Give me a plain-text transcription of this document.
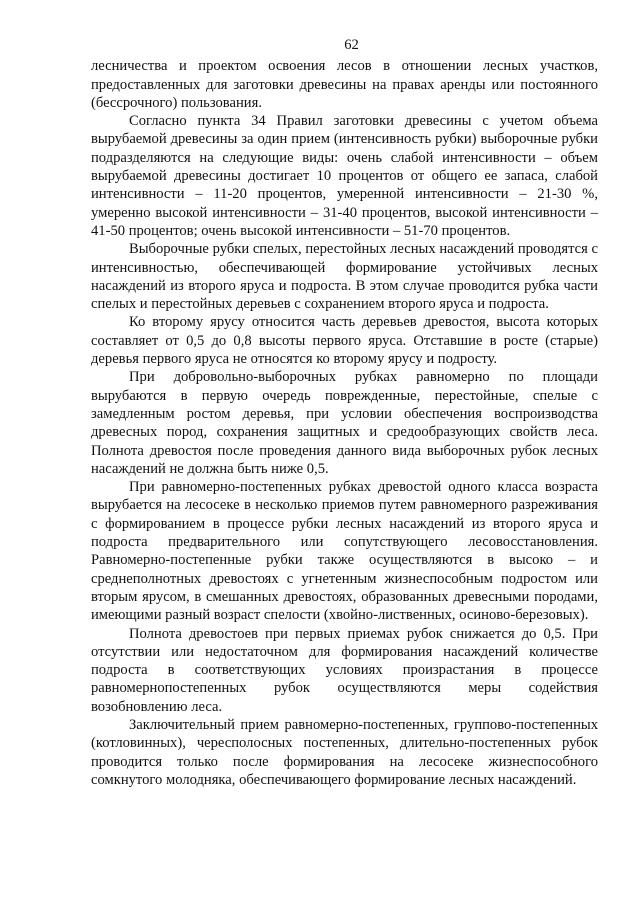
62

лесничества и проектом освоения лесов в отношении лесных участков, предоставленных для заготовки древесины на правах аренды или постоянного (бессрочного) пользования.

Согласно пункта 34 Правил заготовки древесины с учетом объема вырубаемой древесины за один прием (интенсивность рубки) выборочные рубки подразделяются на следующие виды: очень слабой интенсивности – объем вырубаемой древесины достигает 10 процентов от общего ее запаса, слабой интенсивности – 11-20 процентов, умеренной интенсивности – 21-30 %, умеренно высокой интенсивности – 31-40 процентов, высокой интенсивности – 41-50 процентов; очень высокой интенсивности – 51-70 процентов.

Выборочные рубки спелых, перестойных лесных насаждений проводятся с интенсивностью, обеспечивающей формирование устойчивых лесных насаждений из второго яруса и подроста. В этом случае проводится рубка части спелых и перестойных деревьев с сохранением второго яруса и подроста.

Ко второму ярусу относится часть деревьев древостоя, высота которых составляет от 0,5 до 0,8 высоты первого яруса. Отставшие в росте (старые) деревья первого яруса не относятся ко второму ярусу и подросту.

При добровольно-выборочных рубках равномерно по площади вырубаются в первую очередь поврежденные, перестойные, спелые с замедленным ростом деревья, при условии обеспечения воспроизводства древесных пород, сохранения защитных и средообразующих свойств леса. Полнота древостоя после проведения данного вида выборочных рубок лесных насаждений не должна быть ниже 0,5.

При равномерно-постепенных рубках древостой одного класса возраста вырубается на лесосеке в несколько приемов путем равномерного разреживания с формированием в процессе рубки лесных насаждений из второго яруса и подроста предварительного или сопутствующего лесовосстановления. Равномерно-постепенные рубки также осуществляются в высоко – и среднеполнотных древостоях с угнетенным жизнеспособным подростом или вторым ярусом, в смешанных древостоях, образованных древесными породами, имеющими разный возраст спелости (хвойно-лиственных, осиново-березовых).

Полнота древостоев при первых приемах рубок снижается до 0,5. При отсутствии или недостаточном для формирования насаждений количестве подроста в соответствующих условиях произрастания в процессе равномернопостепенных рубок осуществляются меры содействия возобновлению леса.

Заключительный прием равномерно-постепенных, группово-постепенных (котловинных), чересполосных постепенных, длительно-постепенных рубок проводится только после формирования на лесосеке жизнеспособного сомкнутого молодняка, обеспечивающего формирование лесных насаждений.
